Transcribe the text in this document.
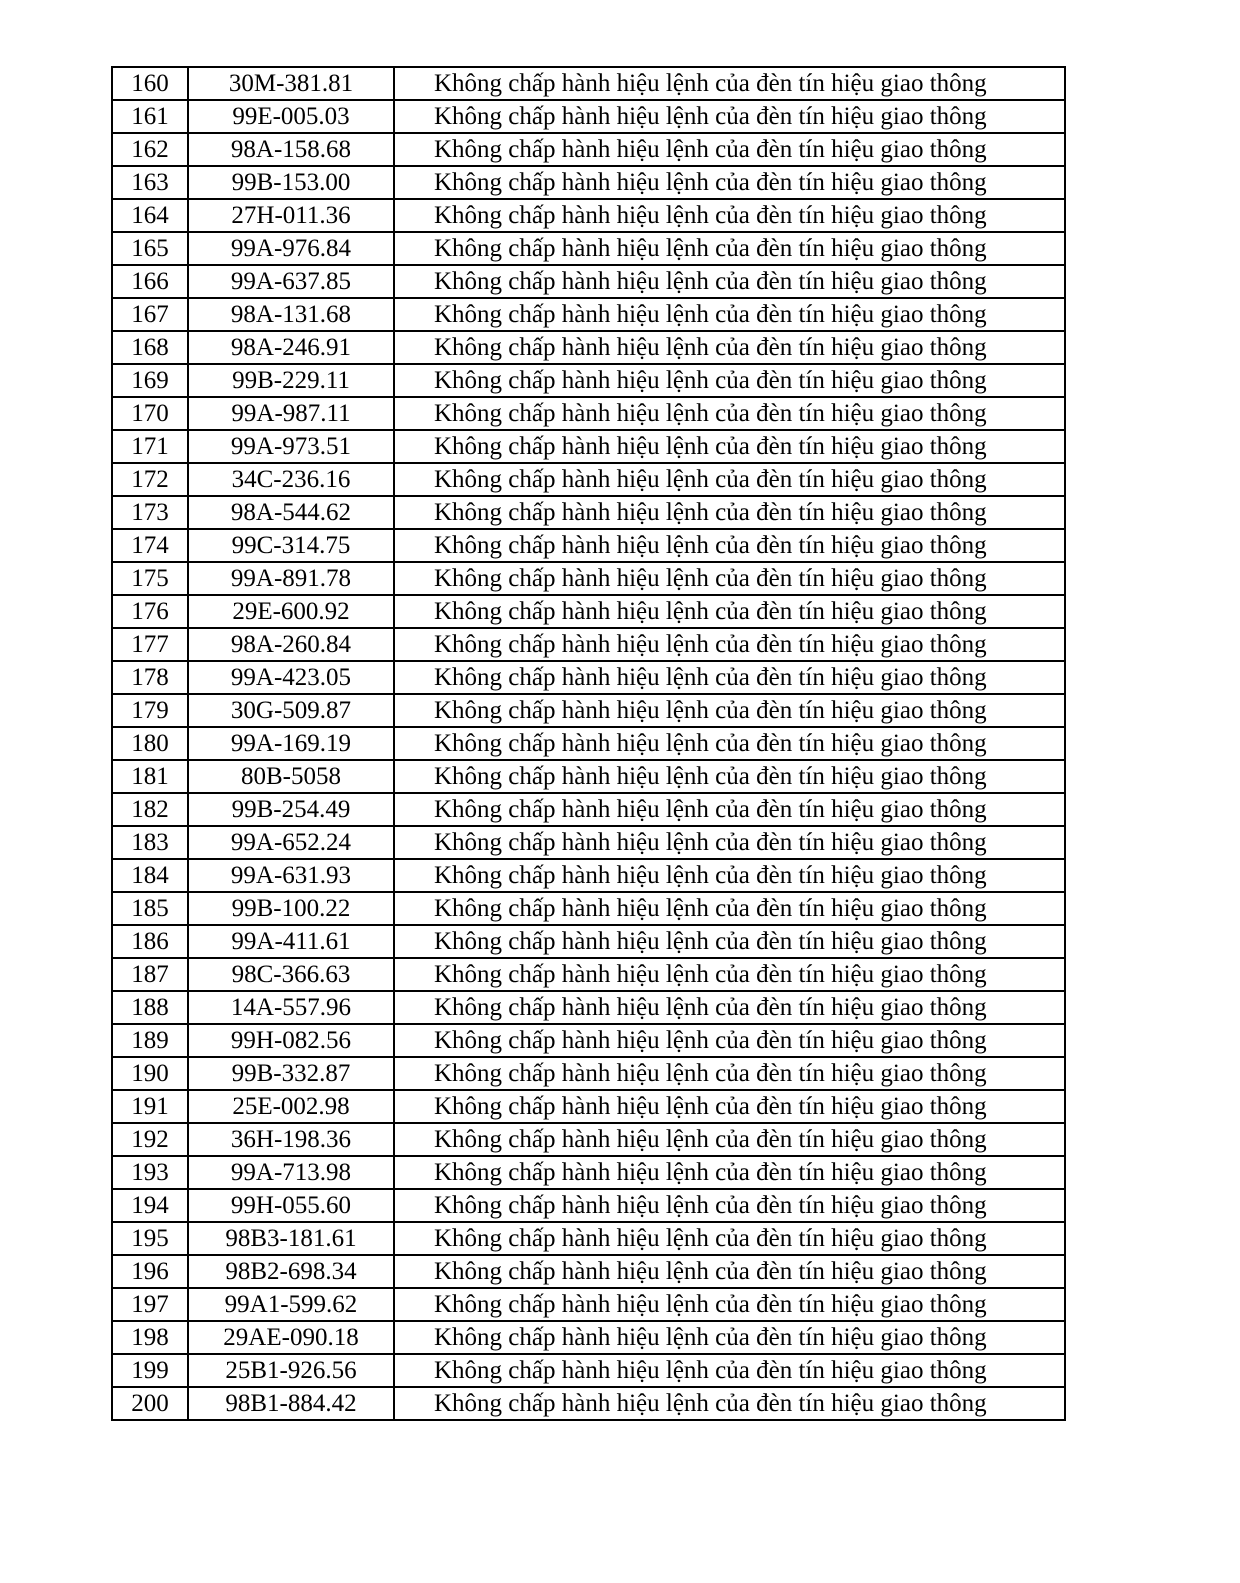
160	30M-381.81	Không chấp hành hiệu lệnh của đèn tín hiệu giao thông
161	99E-005.03	Không chấp hành hiệu lệnh của đèn tín hiệu giao thông
162	98A-158.68	Không chấp hành hiệu lệnh của đèn tín hiệu giao thông
163	99B-153.00	Không chấp hành hiệu lệnh của đèn tín hiệu giao thông
164	27H-011.36	Không chấp hành hiệu lệnh của đèn tín hiệu giao thông
165	99A-976.84	Không chấp hành hiệu lệnh của đèn tín hiệu giao thông
166	99A-637.85	Không chấp hành hiệu lệnh của đèn tín hiệu giao thông
167	98A-131.68	Không chấp hành hiệu lệnh của đèn tín hiệu giao thông
168	98A-246.91	Không chấp hành hiệu lệnh của đèn tín hiệu giao thông
169	99B-229.11	Không chấp hành hiệu lệnh của đèn tín hiệu giao thông
170	99A-987.11	Không chấp hành hiệu lệnh của đèn tín hiệu giao thông
171	99A-973.51	Không chấp hành hiệu lệnh của đèn tín hiệu giao thông
172	34C-236.16	Không chấp hành hiệu lệnh của đèn tín hiệu giao thông
173	98A-544.62	Không chấp hành hiệu lệnh của đèn tín hiệu giao thông
174	99C-314.75	Không chấp hành hiệu lệnh của đèn tín hiệu giao thông
175	99A-891.78	Không chấp hành hiệu lệnh của đèn tín hiệu giao thông
176	29E-600.92	Không chấp hành hiệu lệnh của đèn tín hiệu giao thông
177	98A-260.84	Không chấp hành hiệu lệnh của đèn tín hiệu giao thông
178	99A-423.05	Không chấp hành hiệu lệnh của đèn tín hiệu giao thông
179	30G-509.87	Không chấp hành hiệu lệnh của đèn tín hiệu giao thông
180	99A-169.19	Không chấp hành hiệu lệnh của đèn tín hiệu giao thông
181	80B-5058	Không chấp hành hiệu lệnh của đèn tín hiệu giao thông
182	99B-254.49	Không chấp hành hiệu lệnh của đèn tín hiệu giao thông
183	99A-652.24	Không chấp hành hiệu lệnh của đèn tín hiệu giao thông
184	99A-631.93	Không chấp hành hiệu lệnh của đèn tín hiệu giao thông
185	99B-100.22	Không chấp hành hiệu lệnh của đèn tín hiệu giao thông
186	99A-411.61	Không chấp hành hiệu lệnh của đèn tín hiệu giao thông
187	98C-366.63	Không chấp hành hiệu lệnh của đèn tín hiệu giao thông
188	14A-557.96	Không chấp hành hiệu lệnh của đèn tín hiệu giao thông
189	99H-082.56	Không chấp hành hiệu lệnh của đèn tín hiệu giao thông
190	99B-332.87	Không chấp hành hiệu lệnh của đèn tín hiệu giao thông
191	25E-002.98	Không chấp hành hiệu lệnh của đèn tín hiệu giao thông
192	36H-198.36	Không chấp hành hiệu lệnh của đèn tín hiệu giao thông
193	99A-713.98	Không chấp hành hiệu lệnh của đèn tín hiệu giao thông
194	99H-055.60	Không chấp hành hiệu lệnh của đèn tín hiệu giao thông
195	98B3-181.61	Không chấp hành hiệu lệnh của đèn tín hiệu giao thông
196	98B2-698.34	Không chấp hành hiệu lệnh của đèn tín hiệu giao thông
197	99A1-599.62	Không chấp hành hiệu lệnh của đèn tín hiệu giao thông
198	29AE-090.18	Không chấp hành hiệu lệnh của đèn tín hiệu giao thông
199	25B1-926.56	Không chấp hành hiệu lệnh của đèn tín hiệu giao thông
200	98B1-884.42	Không chấp hành hiệu lệnh của đèn tín hiệu giao thông
